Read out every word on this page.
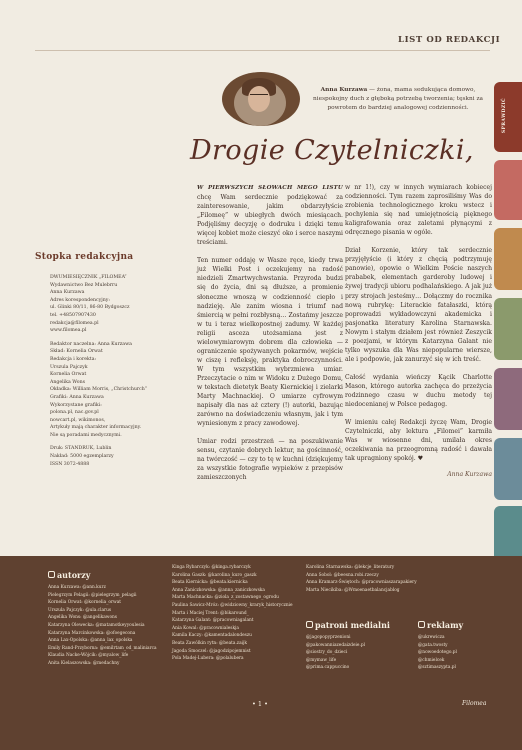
LIST OD REDAKCJI
SPRAWDZIĆ
Anna Kurzawa — żona, mama sedukująca domowo, niespokojny duch z głęboką potrzebą tworzenia; tęskni za powrotem do bardziej analogowej codzienności.
Drogie Czytelniczki,

W PIERWSZYCH SŁOWACH MEGO LISTU chcę Wam serdecznie podziękować za zainteresowanie, jakim obdarzyłyście „Filomeę” w ubiegłych dwóch miesiącach. Podjęliśmy decyzję o dodruku i dzięki temu więcej kobiet może cieszyć oko i serce naszymi treściami.

Ten numer oddaję w Wasze ręce, kiedy trwa już Wielki Post i oczekujemy na radość niedzieli Zmartwychwstania. Przyroda budzi się do życia, dni są dłuższe, a promienie słoneczne wnoszą w codzienność ciepło i nadzieję. Ale zanim wiosna i triumf nad śmiercią w pełni rozbłysną… Zostańmy jeszcze w tu i teraz wielkopostnej zadumy. W każdej religii asceza utożsamiana jest z wielowymiarowym dobrem dla człowieka — ograniczenie spożywanych pokarmów, wejście w ciszę i refleksję, praktyka dobroczynności. W tym wszystkim wybrzmiewa umiar. Przeczytacie o nim w Widoku z Dużego Domu, w tekstach dietetyk Beaty Kiernickiej i zielarki Marty Machnackiej. O umiarze cyfrowym napisały dla nas aż cztery (!) autorki, bazując zarówno na doświadczeniu własnym, jak i tym wyniesionym z pracy zawodowej.

Umiar rodzi przestrzeń — na poszukiwanie sensu, czytanie dobrych lektur, na gościnność, na twórczość — czy to tę w kuchni (dziękujemy za wszystkie fotografie wypieków z przepisów zamieszczonych

w nr 1!), czy w innych wymiarach kobiecej codzienności. Tym razem zaprosiliśmy Was do zrobienia technologicznego kroku wstecz i pochylenia się nad umiejętnością pięknego kaligrafowania oraz zaletami płynącymi z odręcznego pisania w ogóle.

Dział Korzenie, który tak serdecznie przyjęłyście (i który z chęcią podtrzymuję panowie), opowie o Wielkim Poście naszych prababek, elementach garderoby ludowej i żywej tradycji ubioru podhalańskiego. A jak już przy strojach jesteśmy… Dołączmy do rocznika nową rubrykę: Literackie fatałaszki, którą poprowadzi wykładowczyni akademicka i pasjonatka literatury Karolina Starnawska. Nowym i stałym działem jest również Zeszycik z poezjami, w którym Katarzyna Galant nie tylko wyszuka dla Was niepopularne wiersze, ale i podpowie, jak zanurzyć się w ich treść.

Całość wydania wieńczy Kącik Charlotte Mason, którego autorka zachęca do przeżycia rodzinnego czasu w duchu metody tej niedocenianej w Polsce pedagog.

W imieniu całej Redakcji życzę Wam, Drogie Czytelniczki, aby lektura „Filomei” karmiła Was w wiosenne dni, umilała okres oczekiwania na przeogromną radość i dawała tak upragniony spokój. ♥

Anna Kurzawa
Stopka redakcyjna
DWUMIESIĘCZNIK „FILOMEA”
Wydawnictwo Bez Mulebrru
Anna Kurzawa
Adres korespondencyjny:
ul. Glinki 80/11, 86-80 Bydgoszcz
tel. +48507907430
redakcja@filomea.pl
www.filomea.pl
Redaktor naczelna: Anna Kurzawa
Skład: Kornelia Orwat
Redakcja i korekta:
Urszula Pajczyk
Kornelia Orwat
Angelika Wons
Okładka: William Morris, „Christchurch”
Grafiki: Anna Kurzawa
Wykorzystane grafiki:
polona.pl, nac.gov.pl
nowcart.pl, wikimonos,
Artykuły mają charakter informacyjny.
Nie są poradami medycznymi.
Druk: STANDRUK, Lublin
Nakład: 5000 egzemplarzy
ISSN 3072-4888
autorzy
Anna Kurzawa: @ann.kurz
Pielegrzym Pelagii: @pielegrzym_pelagii
Kornelia Orwat: @kornelia_orwat
Urszula Pajczyk: @ula.clarus
Angelika Wons: @angelikawons
Katarzyna Olewecka: @matamotkeyyoulesia
Katarzyna Marcinkowska: @ofoegecona
Anna Lax-Opolska: @anna_lax_opolska
Emily Rand-Przyborna: @emilrtam_od_maliniarca
Klaudia Nacke-Wójcik: @myalow_life
Anita Kielaszowska: @medachny
Kinga Rybarczyk: @kinga.rybarczyk
Karolina Gaszk: @karolina_kuro_gaszk
Beata Kiernicka: @beata.kiernicka
Anna Zaniczkowska: @anna_zaniczkowska
Marta Machnacka: @ziola_z_zostawnego_ogrodu
Paulina Sawicz-Mróz: @widziowny_kraryk_historycznie
Marta i Maciej Trent: @bikaround_
Katarzyna Galant: @pracowniagalant
Ania Kowal: @pracownialeskja
Kamila Kaczy: @kamentadalondeszu
Beata Zawólkin rytn: @beata.zaijk
Jagoda Smoczel: @jagodzipojemnist
Pola Madej-Lubera: @polalubera
Karolina Starnawska: @lekcje_literatury
Anna Sobol: @beesna.robi.rzeczy
Anna Kramarz-Świętoch: @pracowniaszarapakiery
Marta Niecikiba: @Wmoenaetbalancjablog
patroni medialni
@jagopopyprzenioni
@pakowanniazedaizdeie.pl
@siostry_do_dzieci
@mymaw_life
@prima.cappuccino
reklamy
@ukrewicza
@gata.twosty
@nowoedotego.pl
@chmielcek
@sztimaszypta.pl
• 1 •	Filomea
